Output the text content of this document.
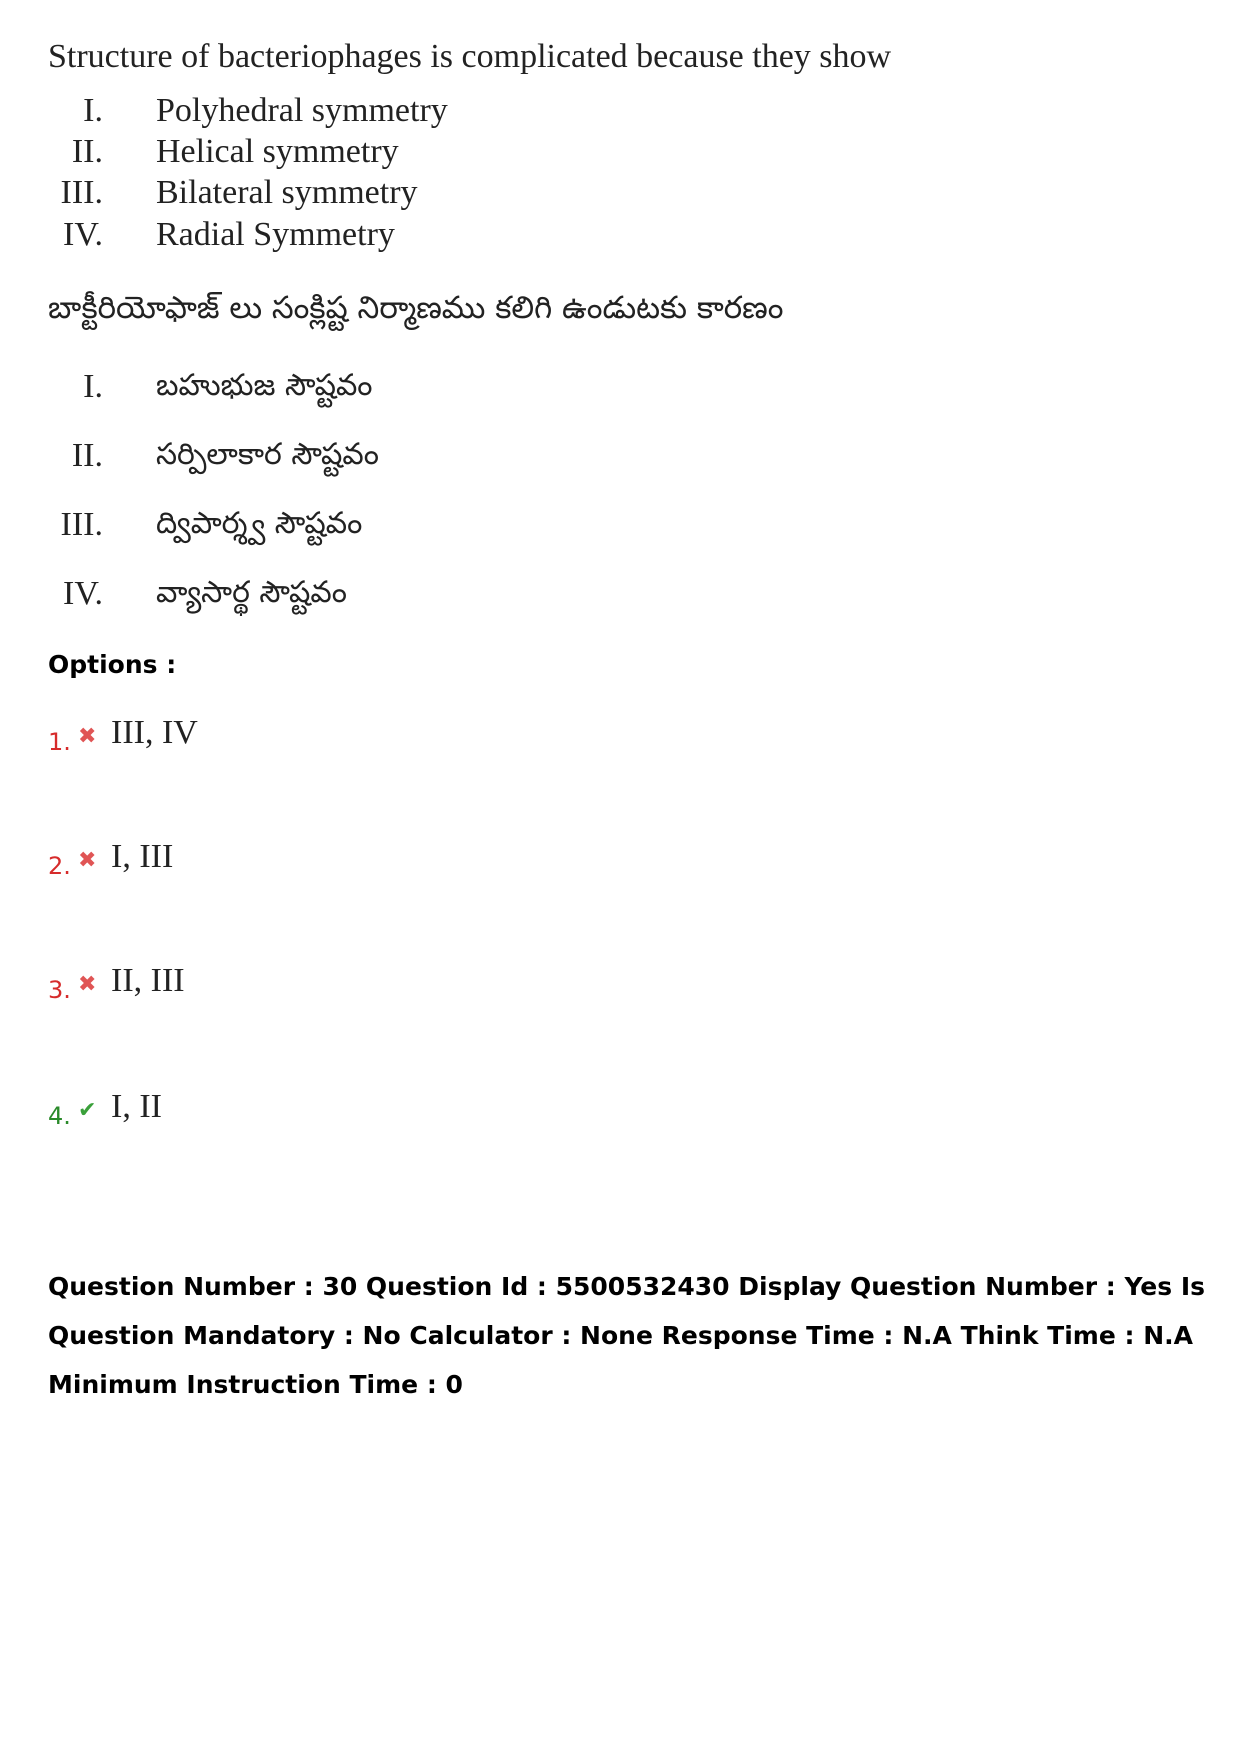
Structure of bacteriophages is complicated because they show
I. Polyhedral symmetry
II. Helical symmetry
III. Bilateral symmetry
IV. Radial Symmetry
బాక్టీరియోఫాజ్ లు సంక్లిష్ట నిర్మాణము కలిగి ఉండుటకు కారణం
I. బహుభుజ సౌష్టవం
II. సర్పిలాకార సౌష్టవం
III. ద్విపార్శ్వ సౌష్టవం
IV. వ్యాసార్థ సౌష్టవం
Options :
1. ✖ III, IV
2. ✖ I, III
3. ✖ II, III
4. ✔ I, II
Question Number : 30 Question Id : 5500532430 Display Question Number : Yes Is Question Mandatory : No Calculator : None Response Time : N.A Think Time : N.A Minimum Instruction Time : 0
